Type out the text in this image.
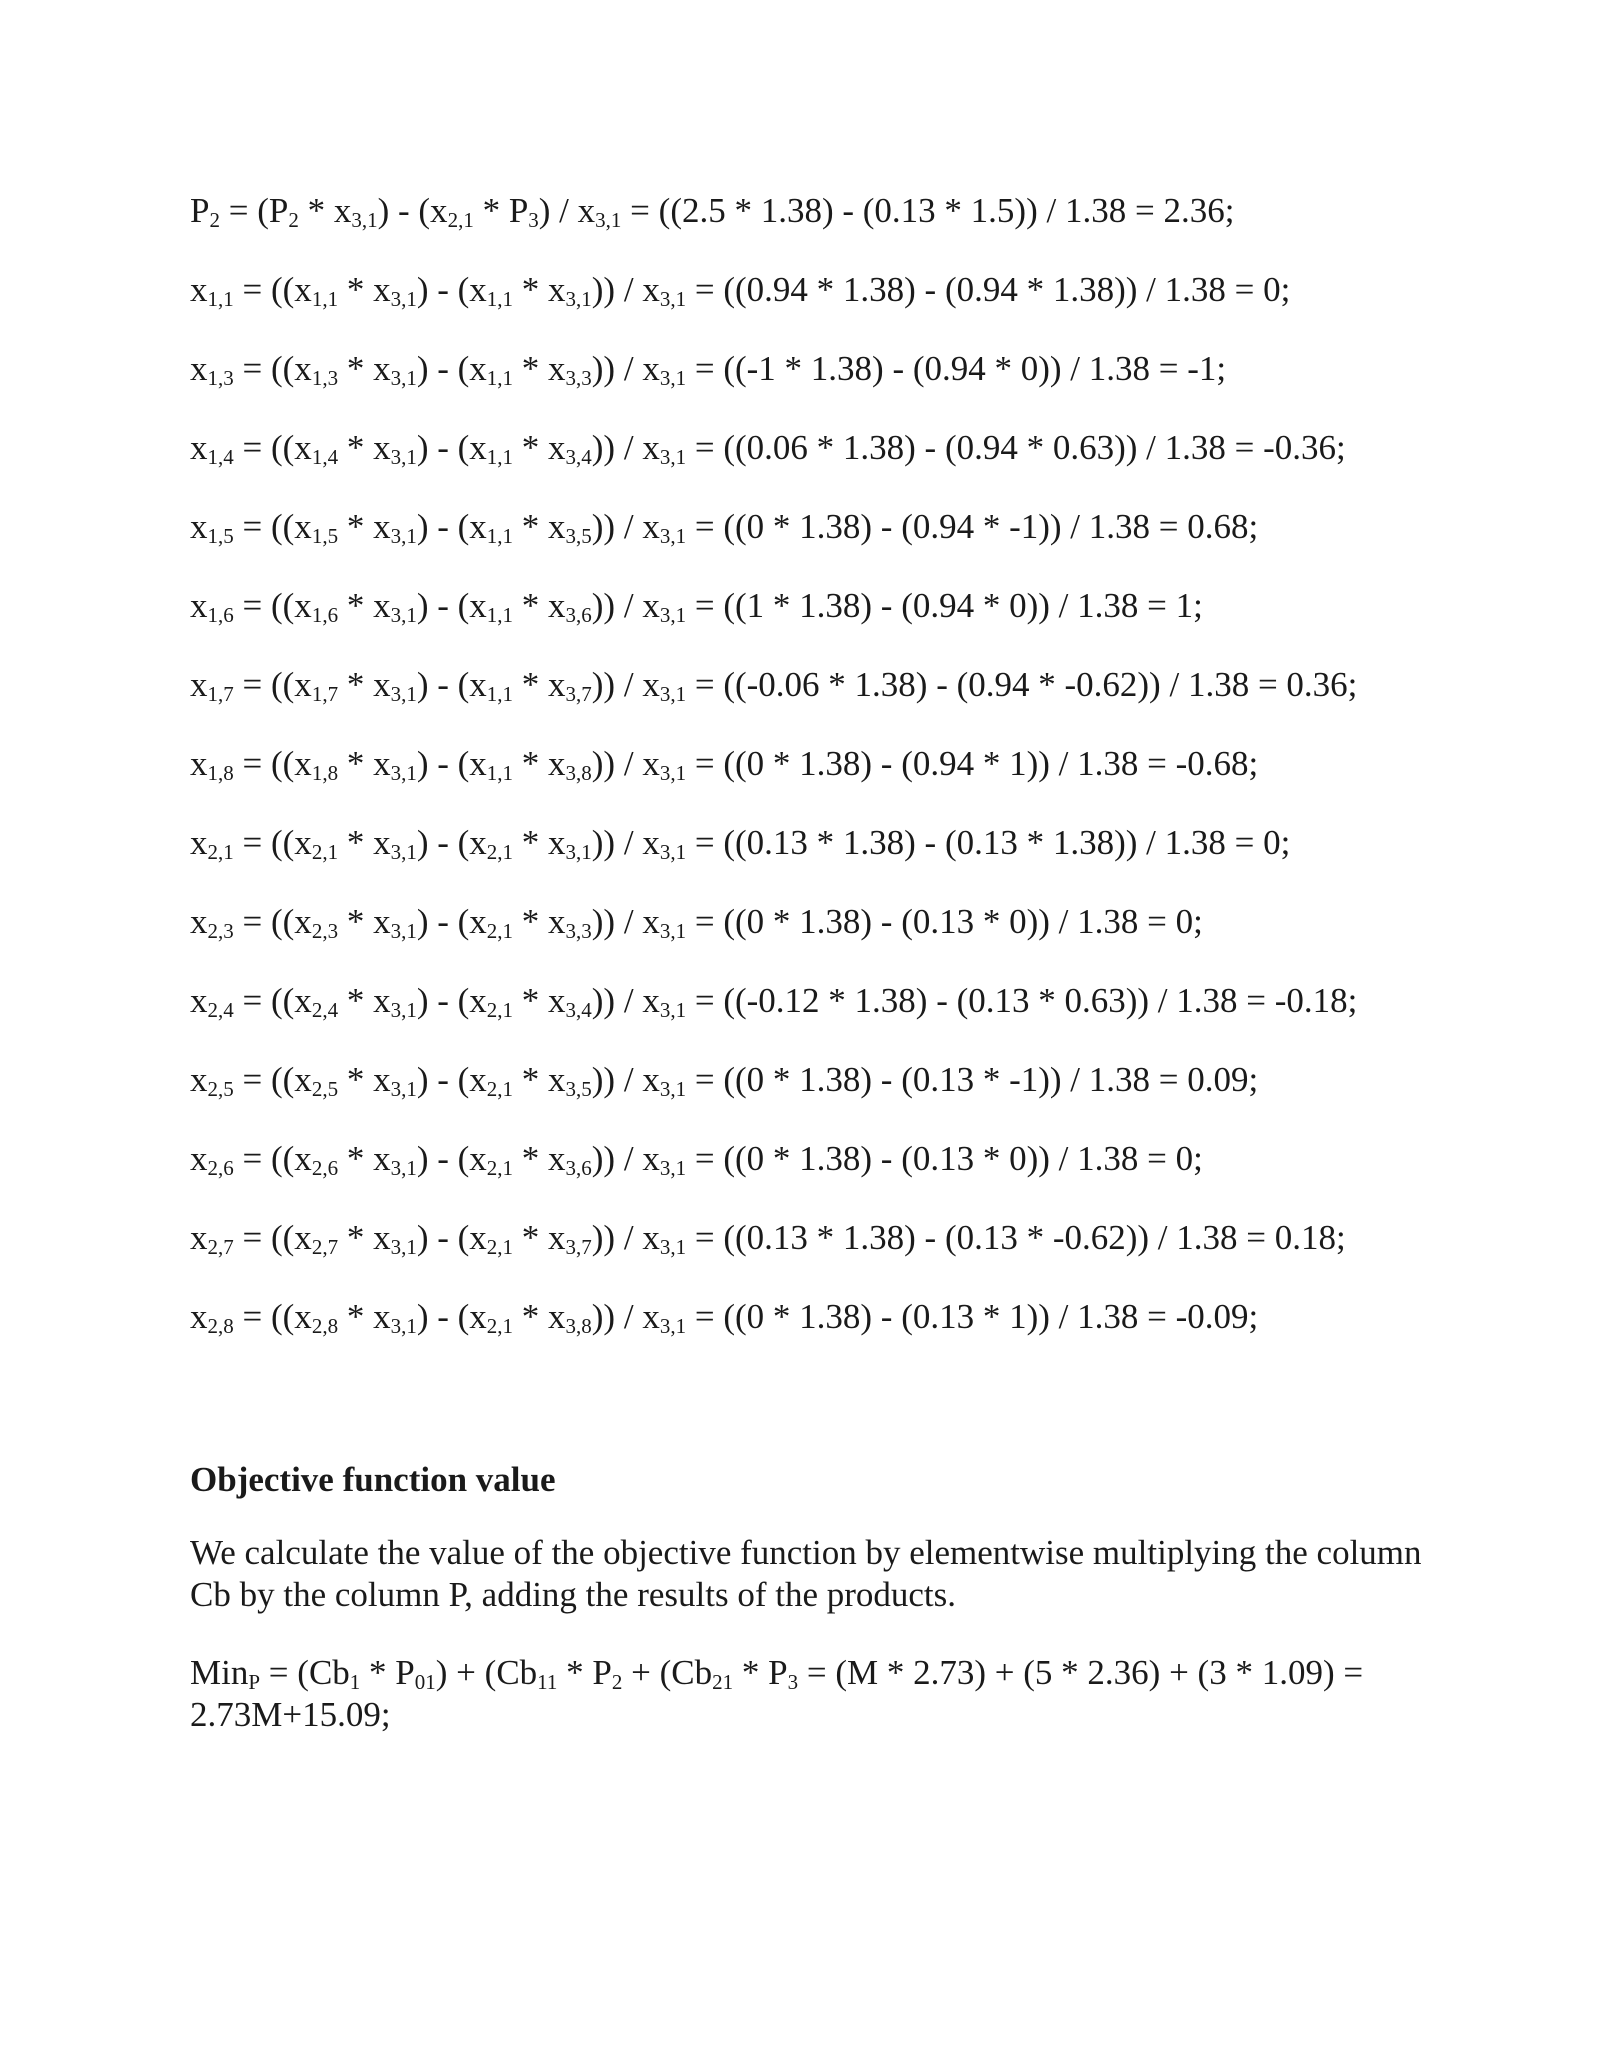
$P_2 = (P_2 * x_{3,1}) - (x_{2,1} * P_3) / x_{3,1} = ((2.5 * 1.38) - (0.13 * 1.5)) / 1.38 = 2.36$;
$x_{1,1} = ((x_{1,1} * x_{3,1}) - (x_{1,1} * x_{3,1})) / x_{3,1} = ((0.94 * 1.38) - (0.94 * 1.38)) / 1.38 = 0$;
$x_{1,3} = ((x_{1,3} * x_{3,1}) - (x_{1,1} * x_{3,3})) / x_{3,1} = ((-1 * 1.38) - (0.94 * 0)) / 1.38 = -1$;
$x_{1,4} = ((x_{1,4} * x_{3,1}) - (x_{1,1} * x_{3,4})) / x_{3,1} = ((0.06 * 1.38) - (0.94 * 0.63)) / 1.38 = -0.36$;
$x_{1,5} = ((x_{1,5} * x_{3,1}) - (x_{1,1} * x_{3,5})) / x_{3,1} = ((0 * 1.38) - (0.94 * -1)) / 1.38 = 0.68$;
$x_{1,6} = ((x_{1,6} * x_{3,1}) - (x_{1,1} * x_{3,6})) / x_{3,1} = ((1 * 1.38) - (0.94 * 0)) / 1.38 = 1$;
$x_{1,7} = ((x_{1,7} * x_{3,1}) - (x_{1,1} * x_{3,7})) / x_{3,1} = ((-0.06 * 1.38) - (0.94 * -0.62)) / 1.38 = 0.36$;
$x_{1,8} = ((x_{1,8} * x_{3,1}) - (x_{1,1} * x_{3,8})) / x_{3,1} = ((0 * 1.38) - (0.94 * 1)) / 1.38 = -0.68$;
$x_{2,1} = ((x_{2,1} * x_{3,1}) - (x_{2,1} * x_{3,1})) / x_{3,1} = ((0.13 * 1.38) - (0.13 * 1.38)) / 1.38 = 0$;
$x_{2,3} = ((x_{2,3} * x_{3,1}) - (x_{2,1} * x_{3,3})) / x_{3,1} = ((0 * 1.38) - (0.13 * 0)) / 1.38 = 0$;
$x_{2,4} = ((x_{2,4} * x_{3,1}) - (x_{2,1} * x_{3,4})) / x_{3,1} = ((-0.12 * 1.38) - (0.13 * 0.63)) / 1.38 = -0.18$;
$x_{2,5} = ((x_{2,5} * x_{3,1}) - (x_{2,1} * x_{3,5})) / x_{3,1} = ((0 * 1.38) - (0.13 * -1)) / 1.38 = 0.09$;
$x_{2,6} = ((x_{2,6} * x_{3,1}) - (x_{2,1} * x_{3,6})) / x_{3,1} = ((0 * 1.38) - (0.13 * 0)) / 1.38 = 0$;
$x_{2,7} = ((x_{2,7} * x_{3,1}) - (x_{2,1} * x_{3,7})) / x_{3,1} = ((0.13 * 1.38) - (0.13 * -0.62)) / 1.38 = 0.18$;
$x_{2,8} = ((x_{2,8} * x_{3,1}) - (x_{2,1} * x_{3,8})) / x_{3,1} = ((0 * 1.38) - (0.13 * 1)) / 1.38 = -0.09$;
Objective function value
We calculate the value of the objective function by elementwise multiplying the column Cb by the column P, adding the results of the products.
$Min_P = (Cb_1 * P_{01}) + (Cb_{11} * P_2 + (Cb_{21} * P_3 = (M * 2.73) + (5 * 2.36) + (3 * 1.09) = 2.73M+15.09$;
